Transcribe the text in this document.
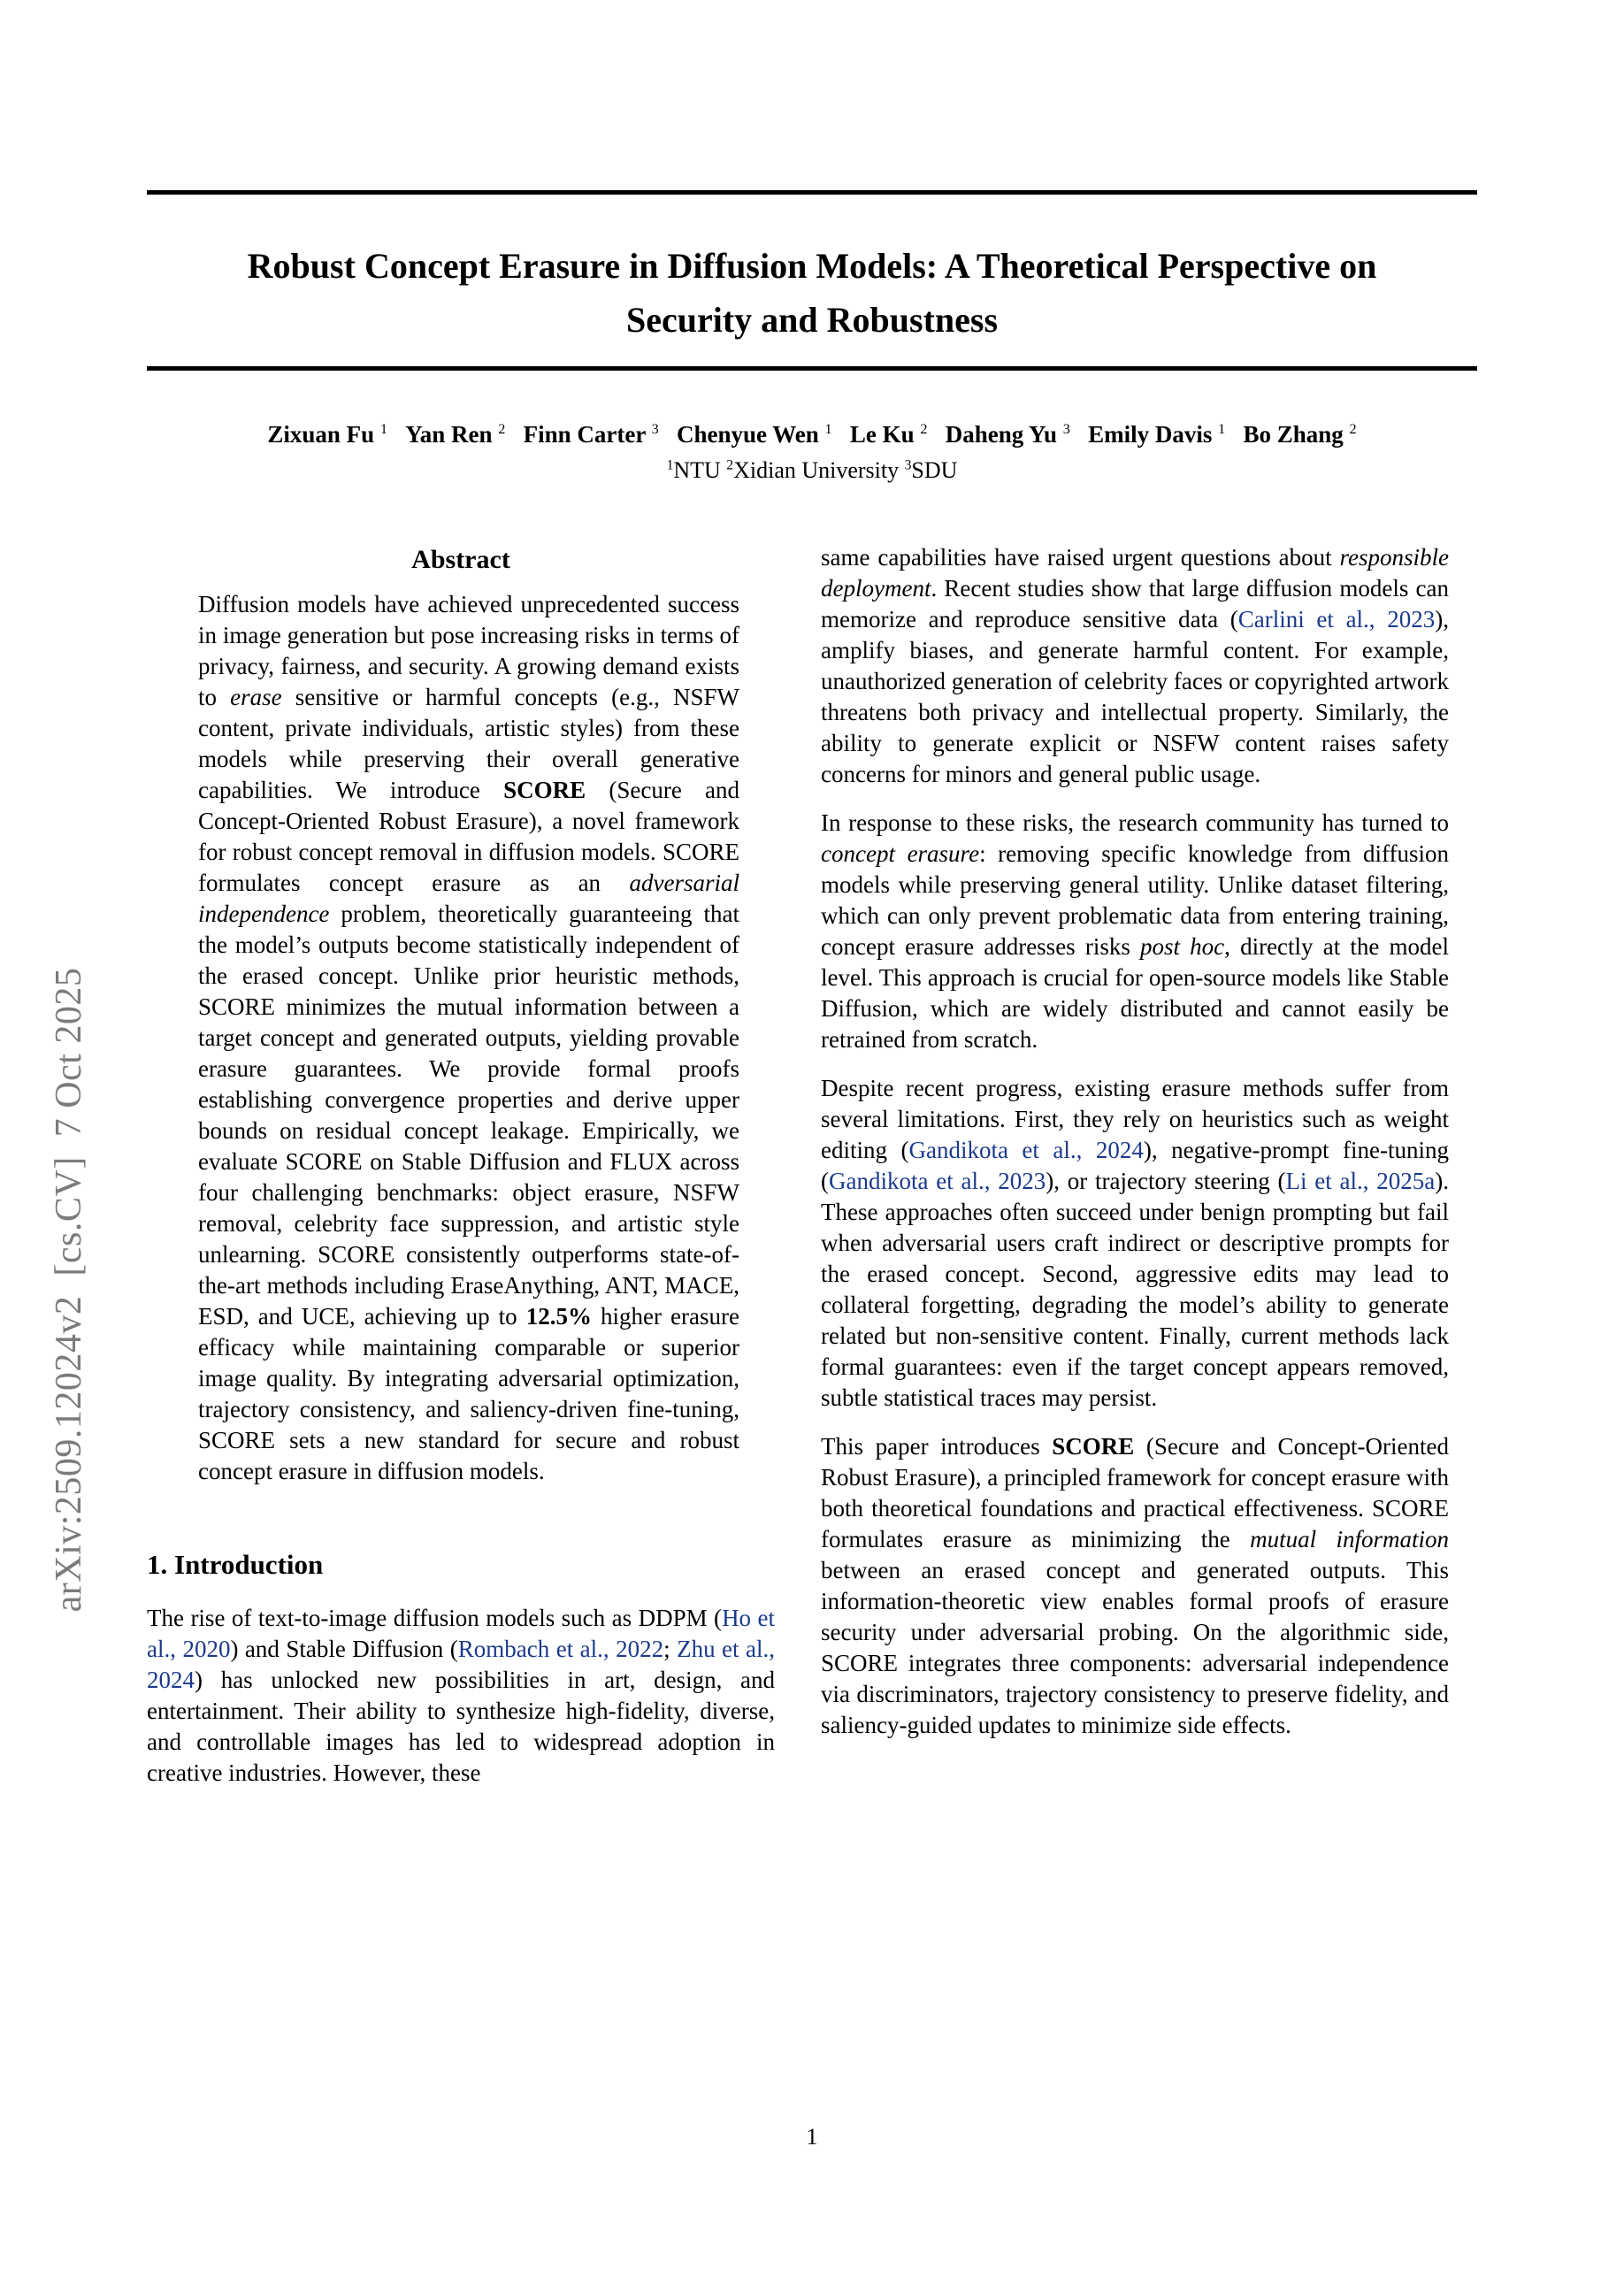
arXiv:2509.12024v2  [cs.CV]  7 Oct 2025
Robust Concept Erasure in Diffusion Models: A Theoretical Perspective on
Security and Robustness
Zixuan Fu $^1$ Yan Ren $^2$ Finn Carter $^3$ Chenyue Wen $^1$ Le Ku $^2$ Daheng Yu $^3$ Emily Davis $^1$ Bo Zhang $^2$
$^1$NTU $^2$Xidian University $^3$SDU
Abstract
Diffusion models have achieved unprecedented success in image generation but pose increasing risks in terms of privacy, fairness, and security. A growing demand exists to erase sensitive or harmful concepts (e.g., NSFW content, private individuals, artistic styles) from these models while preserving their overall generative capabilities. We introduce SCORE (Secure and Concept-Oriented Robust Erasure), a novel framework for robust concept removal in diffusion models. SCORE formulates concept erasure as an adversarial independence problem, theoretically guaranteeing that the model’s outputs become statistically independent of the erased concept. Unlike prior heuristic methods, SCORE minimizes the mutual information between a target concept and generated outputs, yielding provable erasure guarantees. We provide formal proofs establishing convergence properties and derive upper bounds on residual concept leakage. Empirically, we evaluate SCORE on Stable Diffusion and FLUX across four challenging benchmarks: object erasure, NSFW removal, celebrity face suppression, and artistic style unlearning. SCORE consistently outperforms state-of-the-art methods including EraseAnything, ANT, MACE, ESD, and UCE, achieving up to 12.5% higher erasure efficacy while maintaining comparable or superior image quality. By integrating adversarial optimization, trajectory consistency, and saliency-driven fine-tuning, SCORE sets a new standard for secure and robust concept erasure in diffusion models.
1. Introduction
The rise of text-to-image diffusion models such as DDPM (Ho et al., 2020) and Stable Diffusion (Rombach et al., 2022; Zhu et al., 2024) has unlocked new possibilities in art, design, and entertainment. Their ability to synthesize high-fidelity, diverse, and controllable images has led to widespread adoption in creative industries. However, these
same capabilities have raised urgent questions about responsible deployment. Recent studies show that large diffusion models can memorize and reproduce sensitive data (Carlini et al., 2023), amplify biases, and generate harmful content. For example, unauthorized generation of celebrity faces or copyrighted artwork threatens both privacy and intellectual property. Similarly, the ability to generate explicit or NSFW content raises safety concerns for minors and general public usage.
In response to these risks, the research community has turned to concept erasure: removing specific knowledge from diffusion models while preserving general utility. Unlike dataset filtering, which can only prevent problematic data from entering training, concept erasure addresses risks post hoc, directly at the model level. This approach is crucial for open-source models like Stable Diffusion, which are widely distributed and cannot easily be retrained from scratch.
Despite recent progress, existing erasure methods suffer from several limitations. First, they rely on heuristics such as weight editing (Gandikota et al., 2024), negative-prompt fine-tuning (Gandikota et al., 2023), or trajectory steering (Li et al., 2025a). These approaches often succeed under benign prompting but fail when adversarial users craft indirect or descriptive prompts for the erased concept. Second, aggressive edits may lead to collateral forgetting, degrading the model’s ability to generate related but non-sensitive content. Finally, current methods lack formal guarantees: even if the target concept appears removed, subtle statistical traces may persist.
This paper introduces SCORE (Secure and Concept-Oriented Robust Erasure), a principled framework for concept erasure with both theoretical foundations and practical effectiveness. SCORE formulates erasure as minimizing the mutual information between an erased concept and generated outputs. This information-theoretic view enables formal proofs of erasure security under adversarial probing. On the algorithmic side, SCORE integrates three components: adversarial independence via discriminators, trajectory consistency to preserve fidelity, and saliency-guided updates to minimize side effects.
1
